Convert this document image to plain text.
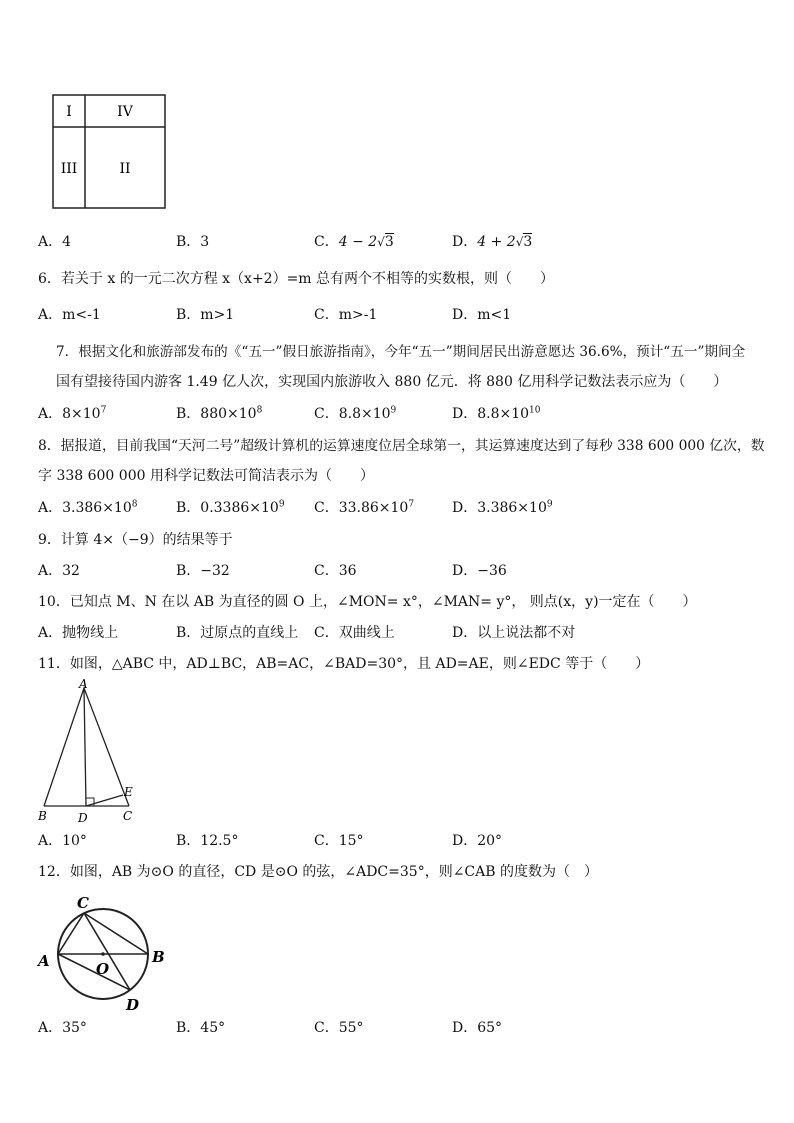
I	IV
III	II
A．4	B．3	C．4 − 2√3	D．4 + 2√3
6．若关于 x 的一元二次方程 x（x+2）=m 总有两个不相等的实数根，则（　　）
A．m<-1	B．m>1	C．m>-1	D．m<1
7．根据文化和旅游部发布的《“五一”假日旅游指南》，今年“五一”期间居民出游意愿达 36.6%，预计“五一”期间全
国有望接待国内游客 1.49 亿人次，实现国内旅游收入 880 亿元．将 880 亿用科学记数法表示应为（　　）
A．$8\times 10^7$	B．$880\times 10^8$	C．$8.8\times 10^9$	D．$8.8\times 10^{10}$
8．据报道，目前我国“天河二号”超级计算机的运算速度位居全球第一，其运算速度达到了每秒 338 600 000 亿次，数
字 338 600 000 用科学记数法可简洁表示为（　　）
A．$3.386\times 10^8$	B．$0.3386\times 10^9$ C．$33.86\times 10^7$	D．$3.386\times 10^9$
9．计算 4×（−9）的结果等于
A．32	B．−32	C．36	D．−36
10．已知点 M、N 在以 AB 为直径的圆 O 上，∠MON= x°，∠MAN= y°， 则点(x，y)一定在（　　）
A．抛物线上	B．过原点的直线上 C．双曲线上	D．以上说法都不对
11．如图，△ABC 中，AD⊥BC，AB=AC，∠BAD=30°，且 AD=AE，则∠EDC 等于（　　）
A
B	D	C
E
A．10°	B．12.5°	C．15°	D．20°
12．如图，AB 为⊙O 的直径，CD 是⊙O 的弦，∠ADC=35°，则∠CAB 的度数为（　）
C
A	B
O
D
A．35°	B．45°	C．55°	D．65°
